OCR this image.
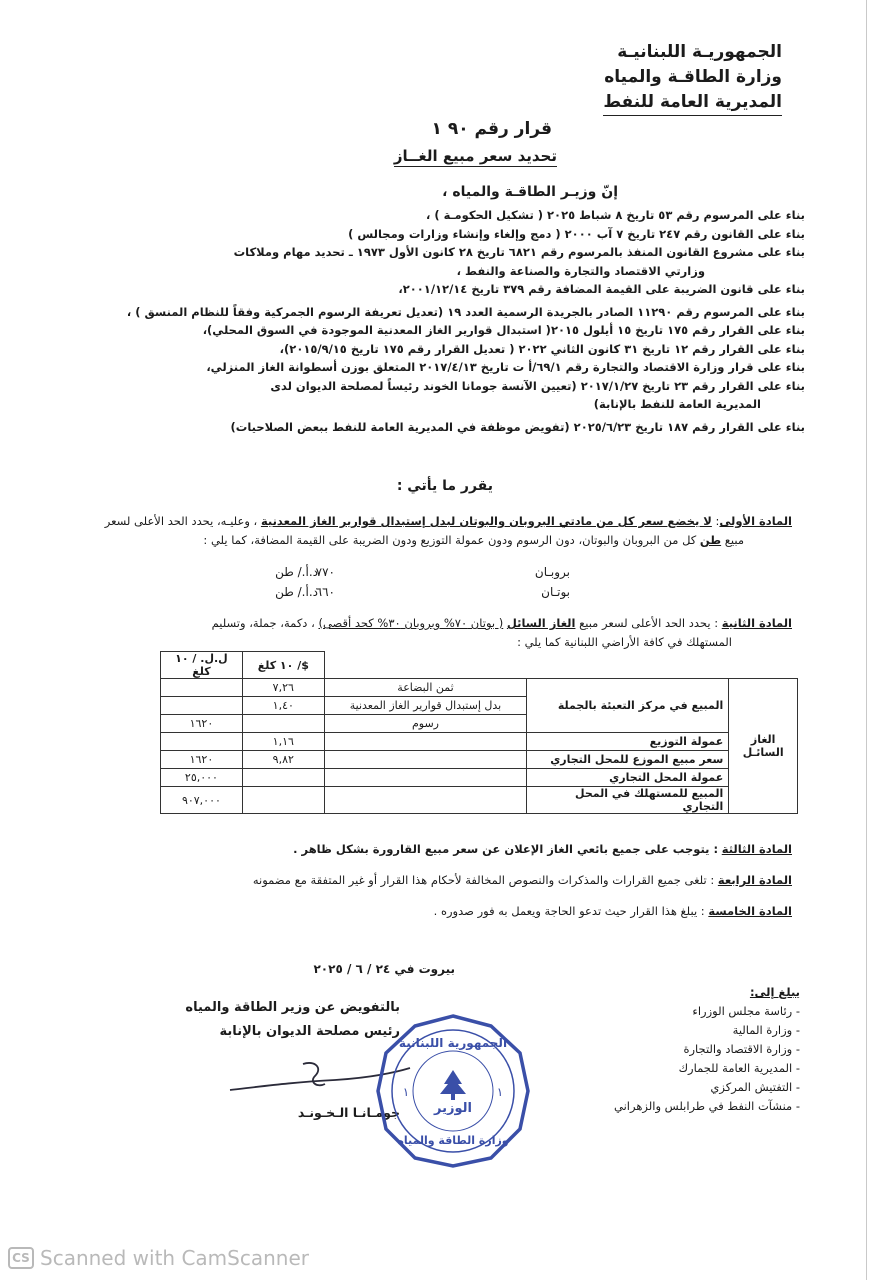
الجمهوريـة اللبنانيـة
وزارة الطاقـة والمياه
المديرية العامة للنفط
قرار رقم ٩٠ ١
تحديد سعر مبيع الغــاز
إنّ وزيـر الطاقـة والمياه ،
بناء على المرسوم رقم ٥٣ تاريخ ٨ شباط ٢٠٢٥ ( تشكيل الحكومـة ) ،
بناء على القانون رقم ٢٤٧ تاريخ ٧ آب ٢٠٠٠ ( دمج وإلغاء وإنشاء وزارات ومجالس )
بناء على مشروع القانون المنفذ بالمرسوم رقم ٦٨٢١ تاريخ ٢٨ كانون الأول ١٩٧٣ ـ تحديد مهام وملاكات
وزارتي الاقتصاد والتجارة والصناعة والنفط ،
بناء على قانون الضريبة على القيمة المضافة رقم ٣٧٩ تاريخ ٢٠٠١/١٢/١٤،
بناء على المرسوم رقم ١١٢٩٠ الصادر بالجريدة الرسمية العدد ١٩ (تعديل تعريفة الرسوم الجمركية وفقاً للنظام المنسق ) ،
بناء على القرار رقم ١٧٥ تاريخ ١٥ أيلول ٢٠١٥( استبدال قوارير الغاز المعدنية الموجودة في السوق المحلي)،
بناء على القرار رقم ١٢ تاريخ ٣١ كانون الثاني ٢٠٢٢ ( تعديل القرار رقم ١٧٥ تاريخ ٢٠١٥/٩/١٥)،
بناء على قرار وزارة الاقتصاد والتجارة رقم ٦٩/١/أ ت تاريخ ٢٠١٧/٤/١٣ المتعلق بوزن أسطوانة الغاز المنزلي،
بناء على القرار رقم ٢٣ تاريخ ٢٠١٧/١/٢٧ (تعيين الآنسة جومانا الخوند رئيساً لمصلحة الديوان لدى
المديرية العامة للنفط بالإنابة)
بناء على القرار رقم ١٨٧ تاريخ ٢٠٢٥/٦/٢٣ (تفويض موظفة في المديرية العامة للنفط ببعض الصلاحيات)
يقرر ما يأتي :
المادة الأولى: لا يخضع سعر كل من مادتي البروبان والبوتان لبدل إستبدال قوارير الغاز المعدنية ، وعليـه، يحدد الحد الأعلى لسعر
مبيع طن كل من البروبان والبوتان، دون الرسوم ودون عمولة التوزيع ودون الضريبة على القيمة المضافة، كما يلي :
بروبـان
٧٧٠
د.أ./ طن
بوتـان
٦٦٠
د.أ./ طن
المادة الثانية : يحدد الحد الأعلى لسعر مبيع الغاز السائل ( بوتان ٧٠% وبروبان ٣٠% كحد أقصى) ، دكمة، جملة، وتسليم
المستهلك في كافة الأراضي اللبنانية كما يلي :
			$/ ١٠ كلغ	ل.ل. / ١٠ كلغ
الغاز السائـل	المبيع في مركز التعبئة بالجملة	ثمن البضاعة	٧,٢٦	
		بدل إستبدال قوارير الغاز المعدنية	١,٤٠	
		رسوم		١٦٢٠
	عمولة التوزيع		١,١٦	
	سعر مبيع الموزع للمحل التجاري		٩,٨٢	١٦٢٠
	عمولة المحل التجاري			٢٥,٠٠٠
	المبيع للمستهلك في المحل التجاري			٩٠٧,٠٠٠
المادة الثالثة : يتوجب على جميع بائعي الغاز الإعلان عن سعر مبيع القارورة بشكل ظاهر .
المادة الرابعة : تلغى جميع القرارات والمذكرات والنصوص المخالفة لأحكام هذا القرار أو غير المتفقة مع مضمونه
المادة الخامسة : يبلغ هذا القرار حيث تدعو الحاجة ويعمل به فور صدوره .
بيروت في ٢٤ / ٦ / ٢٠٢٥
بالتفويض عن وزير الطاقة والمياه
رئيس مصلحة الديوان بالإنابة
جومـانـا الـخـونـد
الجمهورية اللبنانية
الوزير
وزارة الطاقة والمياه
١	١
يبلغ إلى:
- رئاسة مجلس الوزراء
- وزارة المالية
- وزارة الاقتصاد والتجارة
- المديرية العامة للجمارك
- التفتيش المركزي
- منشآت النفط في طرابلس والزهراني
CS Scanned with CamScanner
